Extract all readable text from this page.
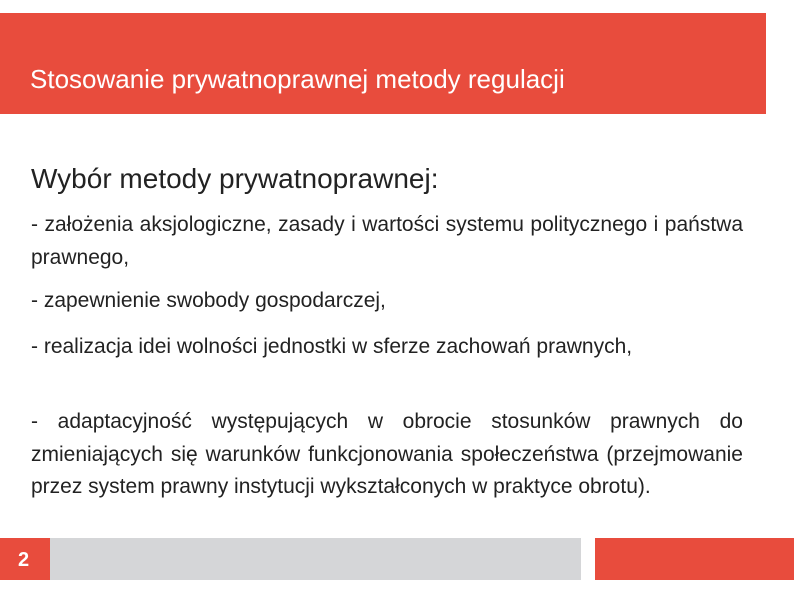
Stosowanie prywatnoprawnej metody regulacji
Wybór metody prywatnoprawnej:
- założenia aksjologiczne, zasady i wartości systemu politycznego i państwa prawnego,
- zapewnienie swobody gospodarczej,
- realizacja idei wolności jednostki w sferze zachowań prawnych,
- adaptacyjność występujących w obrocie stosunków prawnych do zmieniających się warunków funkcjonowania społeczeństwa (przejmowanie przez system prawny instytucji wykształconych w praktyce obrotu).
2
